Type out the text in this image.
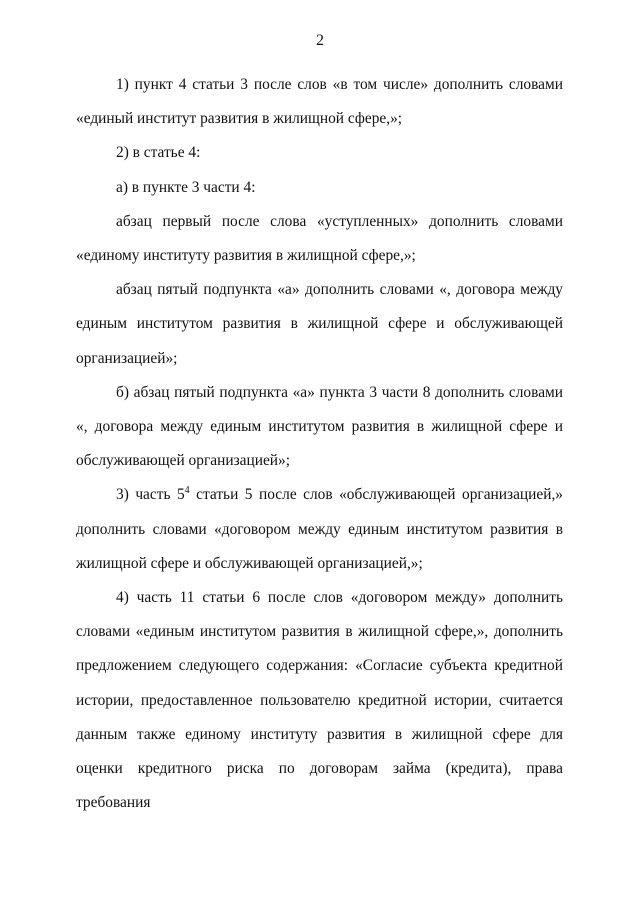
2

1) пункт 4 статьи 3 после слов «в том числе» дополнить словами «единый институт развития в жилищной сфере,»;

2) в статье 4:

а) в пункте 3 части 4:

абзац первый после слова «уступленных» дополнить словами «единому институту развития в жилищной сфере,»;

абзац пятый подпункта «а» дополнить словами «, договора между единым институтом развития в жилищной сфере и обслуживающей организацией»;

б) абзац пятый подпункта «а» пункта 3 части 8 дополнить словами «, договора между единым институтом развития в жилищной сфере и обслуживающей организацией»;

3) часть $5^4$ статьи 5 после слов «обслуживающей организацией,» дополнить словами «договором между единым институтом развития в жилищной сфере и обслуживающей организацией,»;

4) часть 11 статьи 6 после слов «договором между» дополнить словами «единым институтом развития в жилищной сфере,», дополнить предложением следующего содержания: «Согласие субъекта кредитной истории, предоставленное пользователю кредитной истории, считается данным также единому институту развития в жилищной сфере для оценки кредитного риска по договорам займа (кредита), права требования
